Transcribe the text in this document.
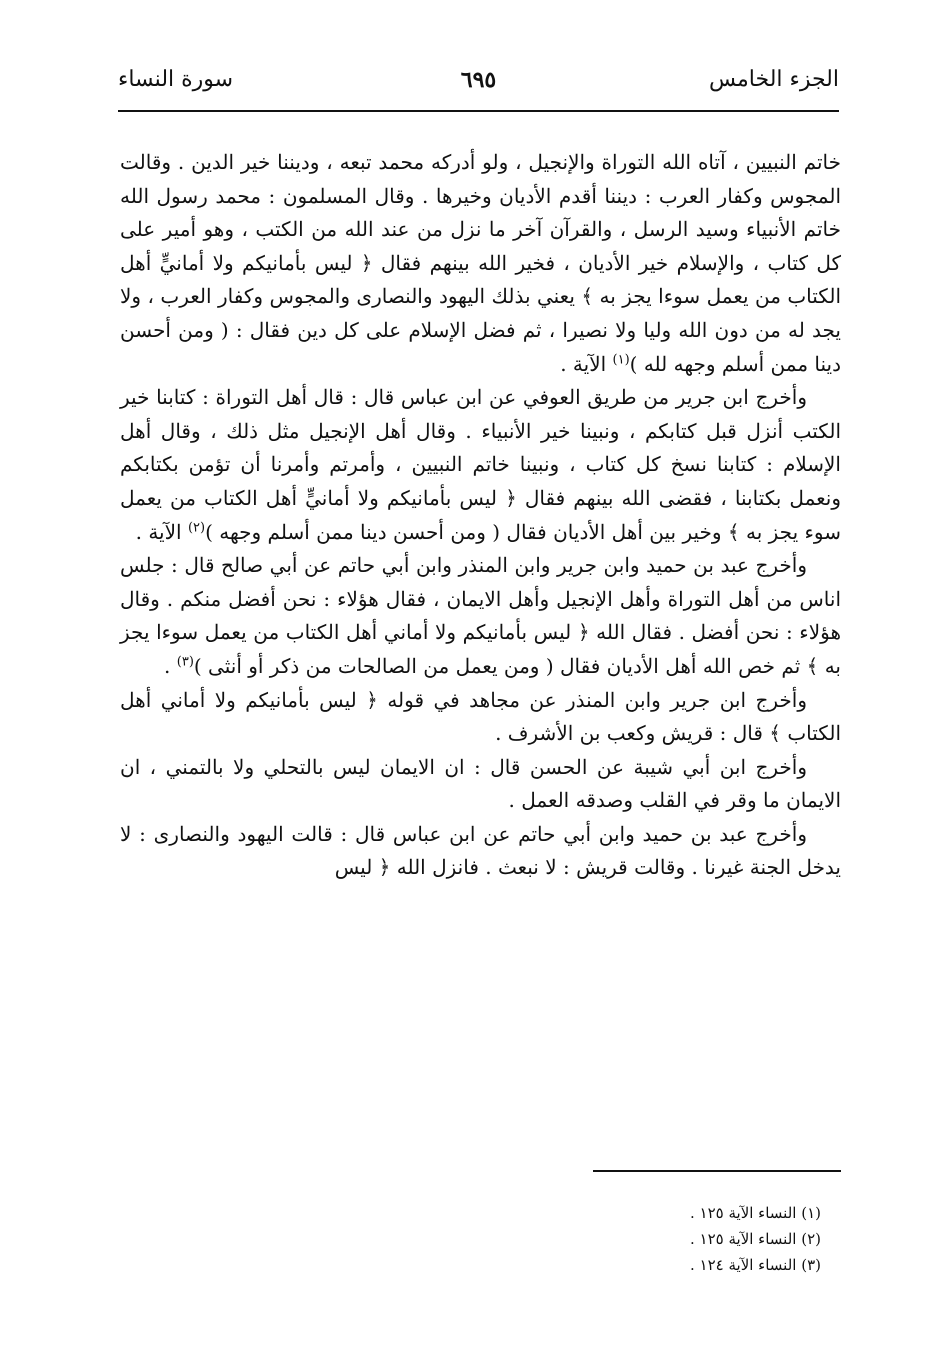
الجزء الخامس
٦٩٥
سورة النساء

خاتم النبيين ، آتاه الله التوراة والإنجيل ، ولو أدركه محمد تبعه ، وديننا خير الدين . وقالت المجوس وكفار العرب : ديننا أقدم الأديان وخيرها . وقال المسلمون : محمد رسول الله خاتم الأنبياء وسيد الرسل ، والقرآن آخر ما نزل من عند الله من الكتب ، وهو أمير على كل كتاب ، والإسلام خير الأديان ، فخير الله بينهم فقال ﴿ ليس بأمانيكم ولا أمانيٍّ أهل الكتاب من يعمل سوءا يجز به ﴾ يعني بذلك اليهود والنصارى والمجوس وكفار العرب ، ولا يجد له من دون الله وليا ولا نصيرا ، ثم فضل الإسلام على كل دين فقال : ( ومن أحسن دينا ممن أسلم وجهه لله )$^{(١)}$ الآية .

وأخرج ابن جرير من طريق العوفي عن ابن عباس قال : قال أهل التوراة : كتابنا خير الكتب أنزل قبل كتابكم ، ونبينا خير الأنبياء . وقال أهل الإنجيل مثل ذلك ، وقال أهل الإسلام : كتابنا نسخ كل كتاب ، ونبينا خاتم النبيين ، وأمرتم وأمرنا أن تؤمن بكتابكم ونعمل بكتابنا ، فقضى الله بينهم فقال ﴿ ليس بأمانيكم ولا أمانيٍّ أهل الكتاب من يعمل سوء يجز به ﴾ وخير بين أهل الأديان فقال ( ومن أحسن دينا ممن أسلم وجهه )$^{(٢)}$ الآية .

وأخرج عبد بن حميد وابن جرير وابن المنذر وابن أبي حاتم عن أبي صالح قال : جلس اناس من أهل التوراة وأهل الإنجيل وأهل الايمان ، فقال هؤلاء : نحن أفضل منكم . وقال هؤلاء : نحن أفضل . فقال الله ﴿ ليس بأمانيكم ولا أماني أهل الكتاب من يعمل سوءا يجز به ﴾ ثم خص الله أهل الأديان فقال ( ومن يعمل من الصالحات من ذكر أو أنثى )$^{(٣)}$ .

وأخرج ابن جرير وابن المنذر عن مجاهد في قوله ﴿ ليس بأمانيكم ولا أماني أهل الكتاب ﴾ قال : قريش وكعب بن الأشرف .

وأخرج ابن أبي شيبة عن الحسن قال : ان الايمان ليس بالتحلي ولا بالتمني ، ان الايمان ما وقر في القلب وصدقه العمل .

وأخرج عبد بن حميد وابن أبي حاتم عن ابن عباس قال : قالت اليهود والنصارى : لا يدخل الجنة غيرنا . وقالت قريش : لا نبعث . فانزل الله ﴿ ليس

(١) النساء الآية ١٢٥ .
(٢) النساء الآية ١٢٥ .
(٣) النساء الآية ١٢٤ .
